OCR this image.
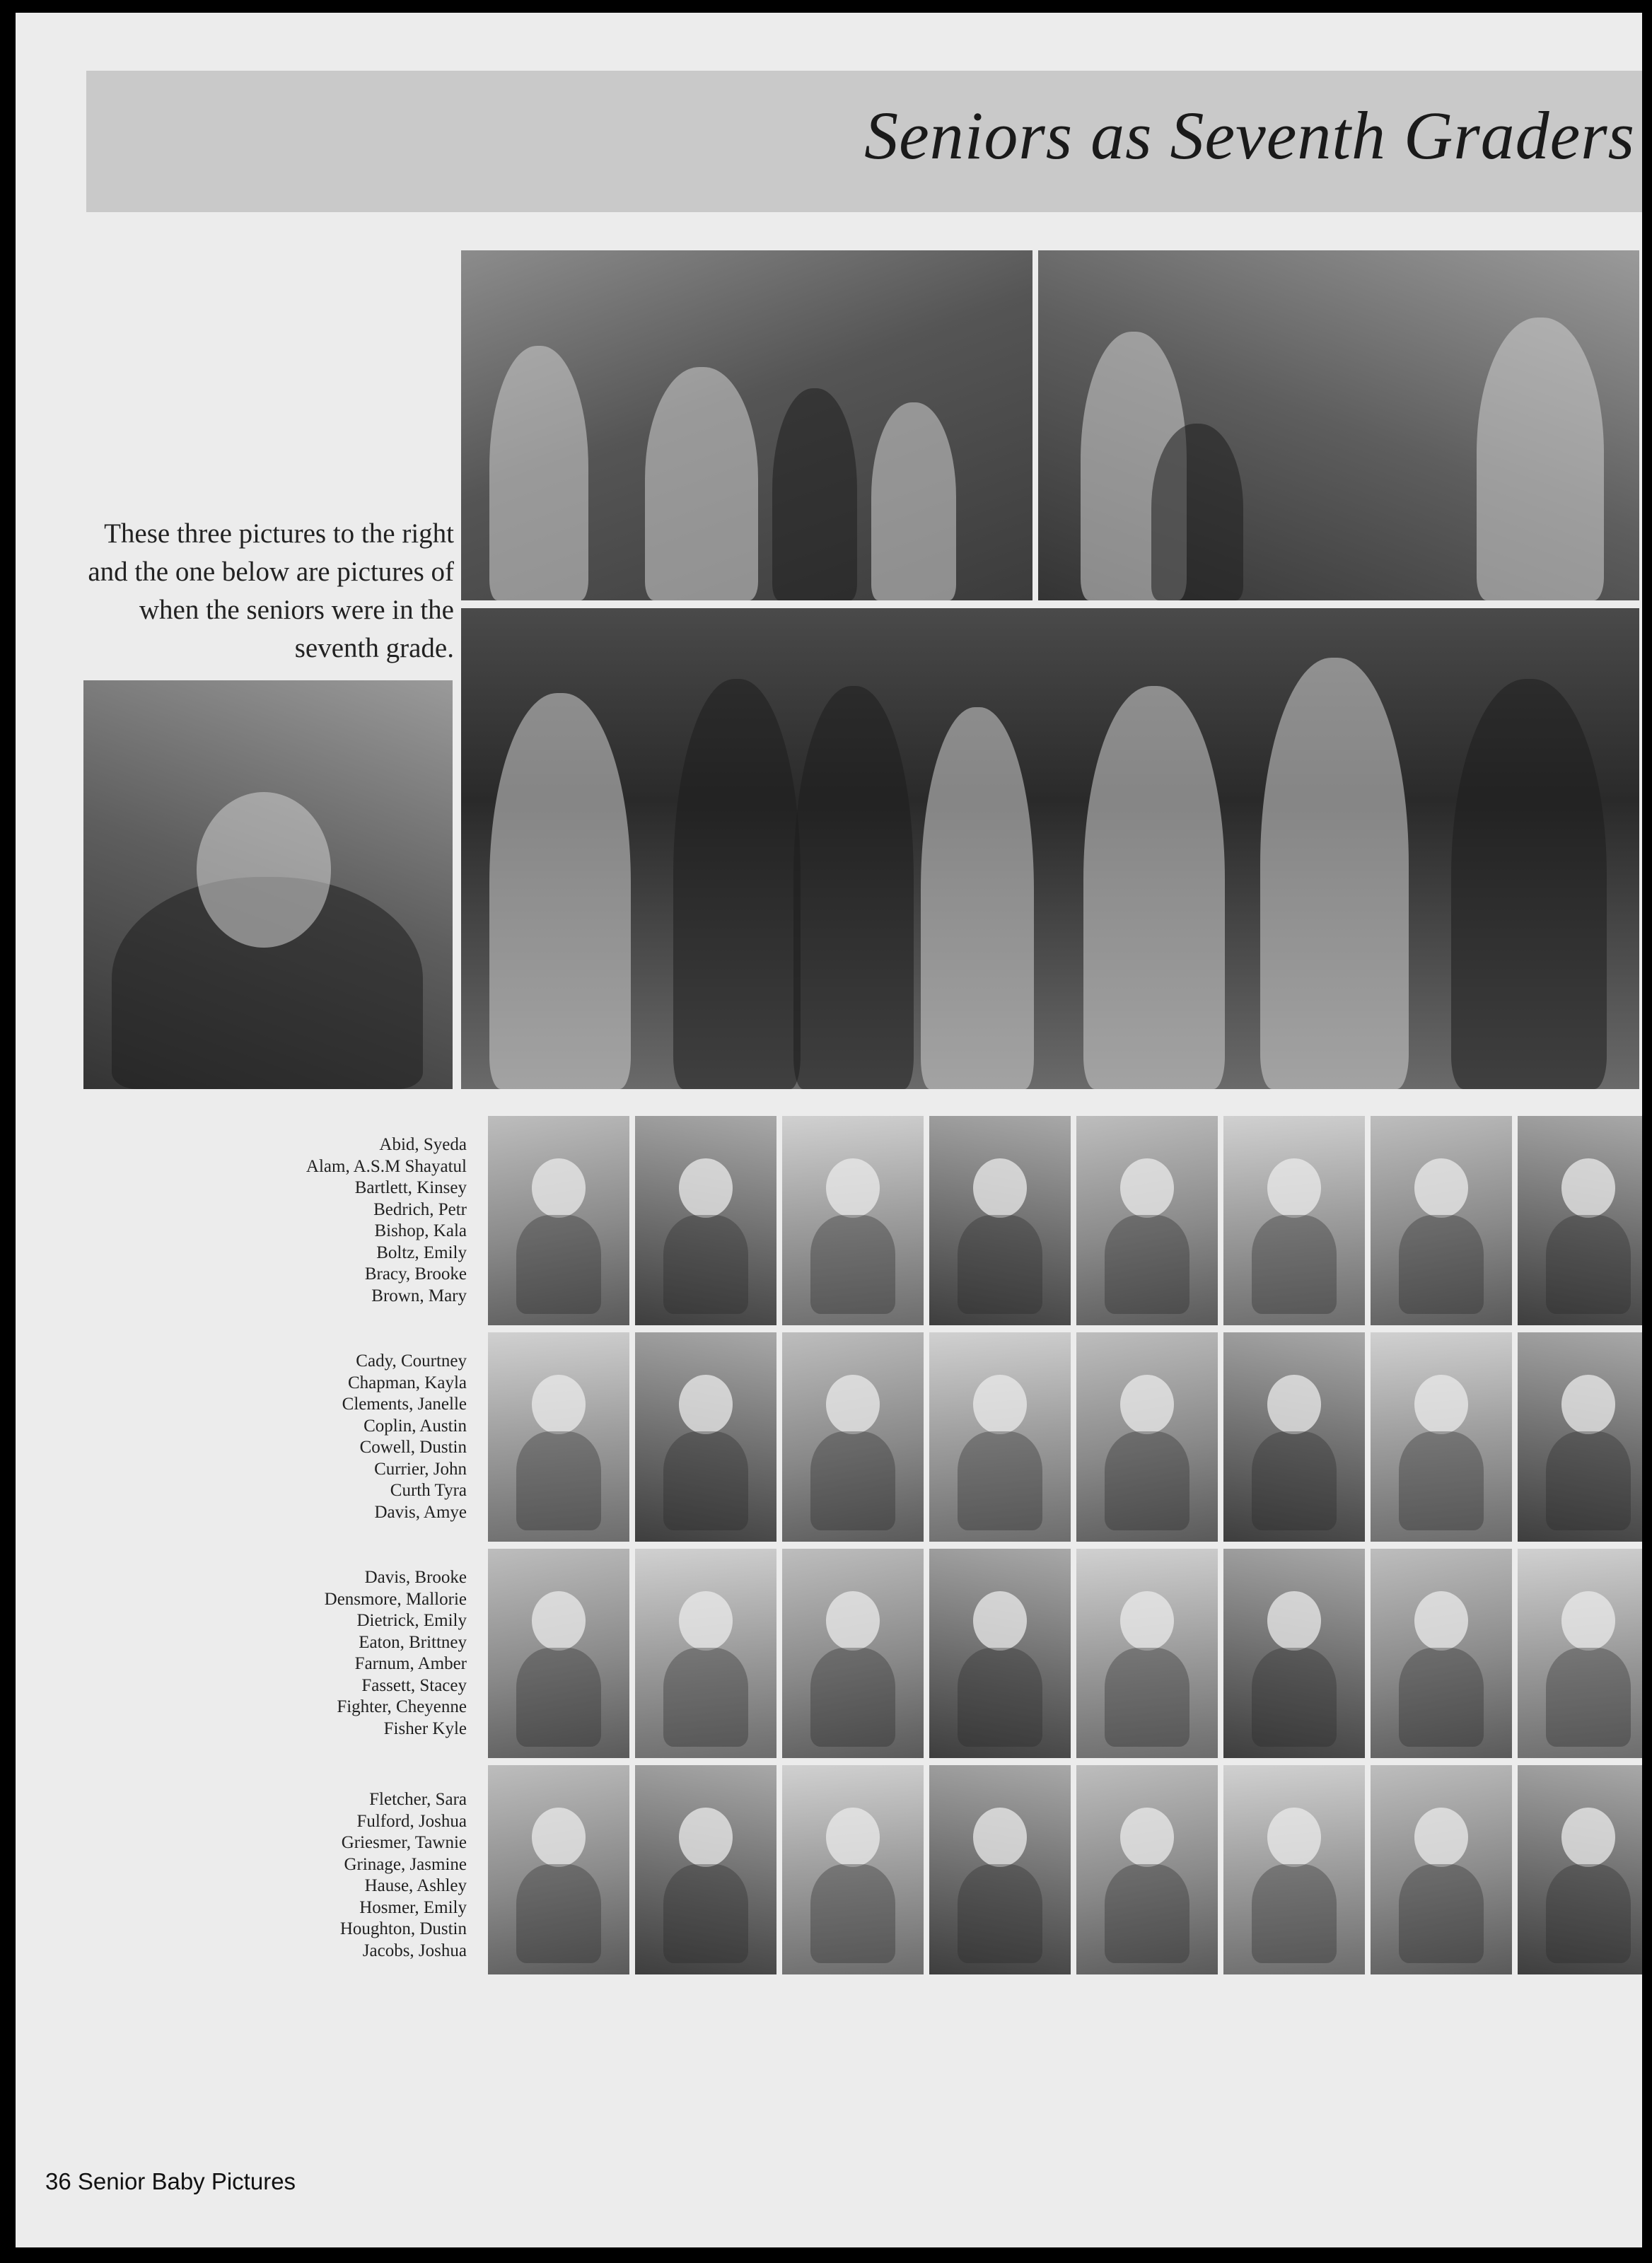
Seniors as Seventh Graders

These three pictures to the right and the one below are pictures of when the seniors were in the seventh grade.

Abid, Syeda
Alam, A.S.M Shayatul
Bartlett, Kinsey
Bedrich, Petr
Bishop, Kala
Boltz, Emily
Bracy, Brooke
Brown, Mary
Cady, Courtney
Chapman, Kayla
Clements, Janelle
Coplin, Austin
Cowell, Dustin
Currier, John
Curth Tyra
Davis, Amye
Davis, Brooke
Densmore, Mallorie
Dietrick, Emily
Eaton, Brittney
Farnum, Amber
Fassett, Stacey
Fighter, Cheyenne
Fisher Kyle
Fletcher, Sara
Fulford, Joshua
Griesmer, Tawnie
Grinage, Jasmine
Hause, Ashley
Hosmer, Emily
Houghton, Dustin
Jacobs, Joshua

36 Senior Baby Pictures
